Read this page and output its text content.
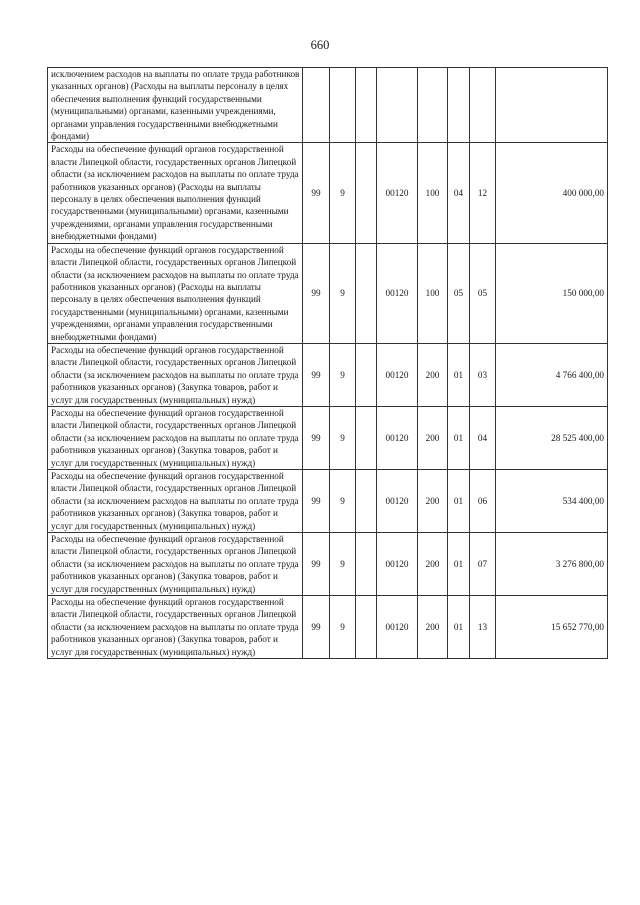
660
исключением расходов на выплаты по оплате труда работников указанных органов) (Расходы на выплаты персоналу в целях обеспечения выполнения функций государственными (муниципальными) органами, казенными учреждениями, органами управления государственными внебюджетными фондами)								
Расходы на обеспечение функций органов государственной власти Липецкой области, государственных органов Липецкой области (за исключением расходов на выплаты по оплате труда работников указанных органов) (Расходы на выплаты персоналу в целях обеспечения выполнения функций государственными (муниципальными) органами, казенными учреждениями, органами управления государственными внебюджетными фондами)	99	9		00120	100	04	12	400 000,00
Расходы на обеспечение функций органов государственной власти Липецкой области, государственных органов Липецкой области (за исключением расходов на выплаты по оплате труда работников указанных органов) (Расходы на выплаты персоналу в целях обеспечения выполнения функций государственными (муниципальными) органами, казенными учреждениями, органами управления государственными внебюджетными фондами)	99	9		00120	100	05	05	150 000,00
Расходы на обеспечение функций органов государственной власти Липецкой области, государственных органов Липецкой области (за исключением расходов на выплаты по оплате труда работников указанных органов) (Закупка товаров, работ и услуг для государственных (муниципальных) нужд)	99	9		00120	200	01	03	4 766 400,00
Расходы на обеспечение функций органов государственной власти Липецкой области, государственных органов Липецкой области (за исключением расходов на выплаты по оплате труда работников указанных органов) (Закупка товаров, работ и услуг для государственных (муниципальных) нужд)	99	9		00120	200	01	04	28 525 400,00
Расходы на обеспечение функций органов государственной власти Липецкой области, государственных органов Липецкой области (за исключением расходов на выплаты по оплате труда работников указанных органов) (Закупка товаров, работ и услуг для государственных (муниципальных) нужд)	99	9		00120	200	01	06	534 400,00
Расходы на обеспечение функций органов государственной власти Липецкой области, государственных органов Липецкой области (за исключением расходов на выплаты по оплате труда работников указанных органов) (Закупка товаров, работ и услуг для государственных (муниципальных) нужд)	99	9		00120	200	01	07	3 276 800,00
Расходы на обеспечение функций органов государственной власти Липецкой области, государственных органов Липецкой области (за исключением расходов на выплаты по оплате труда работников указанных органов) (Закупка товаров, работ и услуг для государственных (муниципальных) нужд)	99	9		00120	200	01	13	15 652 770,00
